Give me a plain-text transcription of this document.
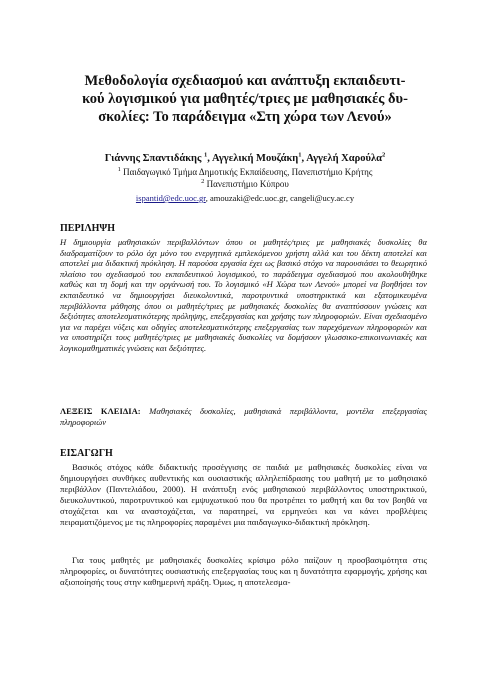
Μεθοδολογία σχεδιασμού και ανάπτυξη εκπαιδευτι-κού λογισμικού για μαθητές/τριες με μαθησιακές δυ-σκολίες: Το παράδειγμα «Στη χώρα των Λενού»
Γιάννης Σπαντιδάκης $^1$, Αγγελική Μουζάκη$^1$, Αγγελή Χαρούλα$^2$
$^1$ Παιδαγωγικό Τμήμα Δημοτικής Εκπαίδευσης, Πανεπιστήμιο Κρήτης
$^2$ Πανεπιστήμιο Κύπρου
ispantid@edc.uoc.gr, amouzaki@edc.uoc.gr, cangeli@ucy.ac.cy
ΠΕΡΙΛΗΨΗ
Η δημιουργία μαθησιακών περιβαλλόντων όπου οι μαθητές/τριες με μαθησιακές δυσκολίες θα διαδραματίζουν το ρόλο όχι μόνο του ενεργητικά εμπλεκόμενου χρήστη αλλά και του δέκτη αποτελεί και αποτελεί μια διδακτική πρόκληση. Η παρούσα εργασία έχει ως βασικό στόχο να παρουσιάσει το θεωρητικό πλαίσιο του σχεδιασμού του εκπαιδευτικού λογισμικού, το παράδειγμα σχεδιασμού που ακολουθήθηκε καθώς και τη δομή και την οργάνωσή του. Το λογισμικό «Η Χώρα των Λενού» μπορεί να βοηθήσει τον εκπαιδευτικό να δημιουργήσει διευκολυντικά, παροτρυντικά υποστηρικτικά και εξατομικευμένα περιβάλλοντα μάθησης όπου οι μαθητές/τριες με μαθησιακές δυσκολίες θα αναπτύσσουν γνώσεις και δεξιότητες αποτελεσματικότερης πρόληψης, επεξεργασίας και χρήσης των πληροφοριών. Είναι σχεδιασμένο για να παρέχει νύξεις και οδηγίες αποτελεσματικότερης επεξεργασίας των παρεχόμενων πληροφοριών και να υποστηρίζει τους μαθητές/τριες με μαθησιακές δυσκολίες να δομήσουν γλωσσικο-επικοινωνιακές και λογικομαθηματικές γνώσεις και δεξιότητες.
ΛΕΞΕΙΣ ΚΛΕΙΔΙΑ: Μαθησιακές δυσκολίες, μαθησιακά περιβάλλοντα, μοντέλα επεξεργασίας πληροφοριών
ΕΙΣΑΓΩΓΗ
Βασικός στόχος κάθε διδακτικής προσέγγισης σε παιδιά με μαθησιακές δυσκολίες είναι να δημιουργήσει συνθήκες αυθεντικής και ουσιαστικής αλληλεπίδρασης του μαθητή με το μαθησιακό περιβάλλον (Παντελιάδου, 2000). Η ανάπτυξη ενός μαθησιακού περιβάλλοντος υποστηρικτικού, διευκολυντικού, παροτρυντικού και εμψυχωτικού που θα προτρέπει το μαθητή και θα τον βοηθά να στοχάζεται και να αναστοχάζεται, να παρατηρεί, να ερμηνεύει και να κάνει προβλέψεις πειραματιζόμενος με τις πληροφορίες παραμένει μια παιδαγωγικο-διδακτική πρόκληση.
Για τους μαθητές με μαθησιακές δυσκολίες κρίσιμο ρόλο παίζουν η προσβασιμότητα στις πληροφορίες, οι δυνατότητες ουσιαστικής επεξεργασίας τους και η δυνατότητα εφαρμογής, χρήσης και αξιοποίησής τους στην καθημερινή πράξη. Όμως, η αποτελεσμα-
